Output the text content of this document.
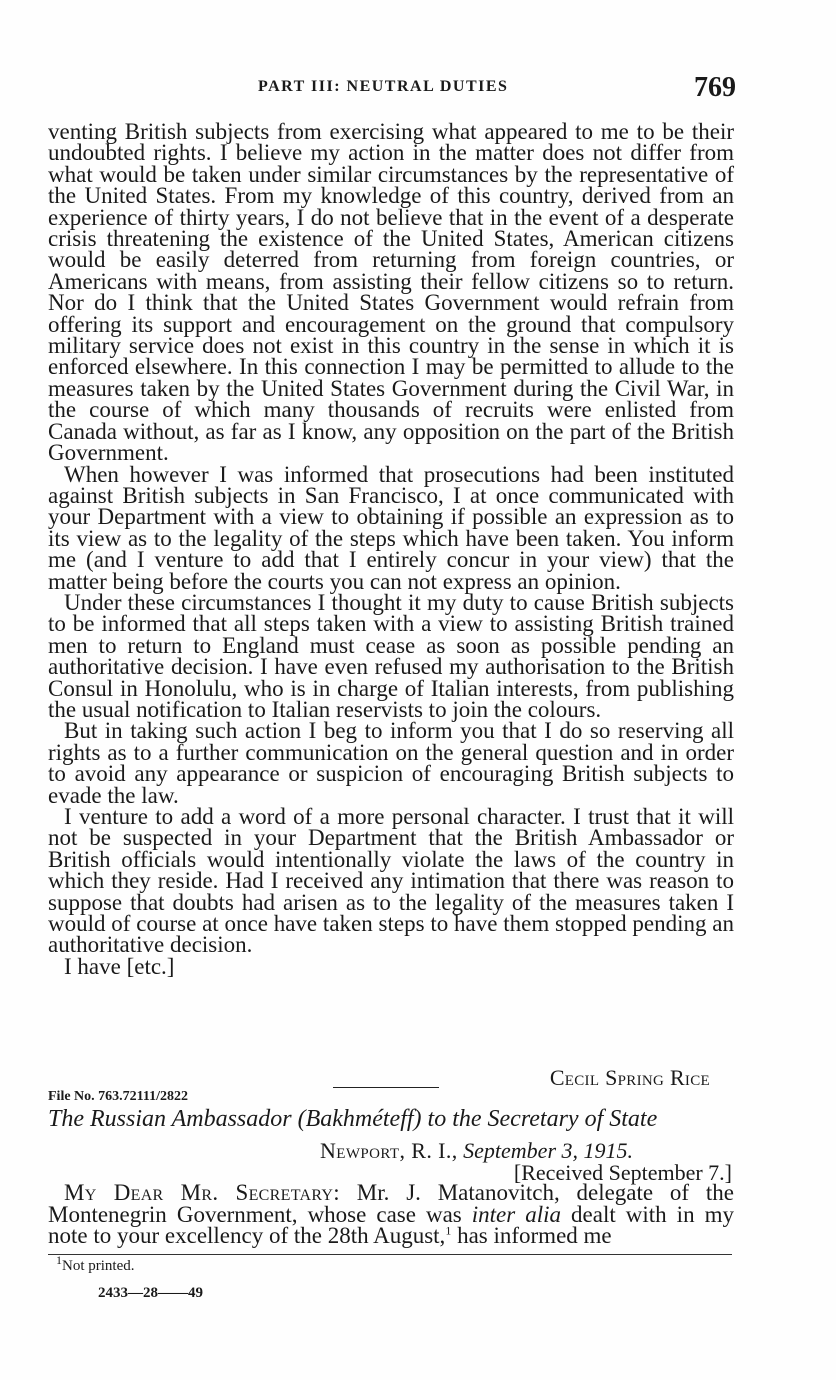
PART III: NEUTRAL DUTIES	769

venting British subjects from exercising what appeared to me to be their undoubted rights. I believe my action in the matter does not differ from what would be taken under similar circumstances by the representative of the United States. From my knowledge of this country, derived from an experience of thirty years, I do not believe that in the event of a desperate crisis threatening the existence of the United States, American citizens would be easily deterred from returning from foreign countries, or Americans with means, from assisting their fellow citizens so to return. Nor do I think that the United States Government would refrain from offering its support and encouragement on the ground that compulsory military service does not exist in this country in the sense in which it is enforced elsewhere. In this connection I may be permitted to allude to the measures taken by the United States Government during the Civil War, in the course of which many thousands of recruits were enlisted from Canada without, as far as I know, any opposition on the part of the British Government.

When however I was informed that prosecutions had been instituted against British subjects in San Francisco, I at once communicated with your Department with a view to obtaining if possible an expression as to its view as to the legality of the steps which have been taken. You inform me (and I venture to add that I entirely concur in your view) that the matter being before the courts you can not express an opinion.

Under these circumstances I thought it my duty to cause British subjects to be informed that all steps taken with a view to assisting British trained men to return to England must cease as soon as possible pending an authoritative decision. I have even refused my authorisation to the British Consul in Honolulu, who is in charge of Italian interests, from publishing the usual notification to Italian reservists to join the colours.

But in taking such action I beg to inform you that I do so reserving all rights as to a further communication on the general question and in order to avoid any appearance or suspicion of encouraging British subjects to evade the law.

I venture to add a word of a more personal character. I trust that it will not be suspected in your Department that the British Ambassador or British officials would intentionally violate the laws of the country in which they reside. Had I received any intimation that there was reason to suppose that doubts had arisen as to the legality of the measures taken I would of course at once have taken steps to have them stopped pending an authoritative decision.

I have [etc.]

Cecil Spring Rice
File No. 763.72111/2822
The Russian Ambassador (Bakhméteff) to the Secretary of State
Newport, R. I., September 3, 1915.
[Received September 7.]

My Dear Mr. Secretary: Mr. J. Matanovitch, delegate of the Montenegrin Government, whose case was inter alia dealt with in my note to your excellency of the 28th August,$^1$ has informed me

$^1$Not printed.
2433—28——49
